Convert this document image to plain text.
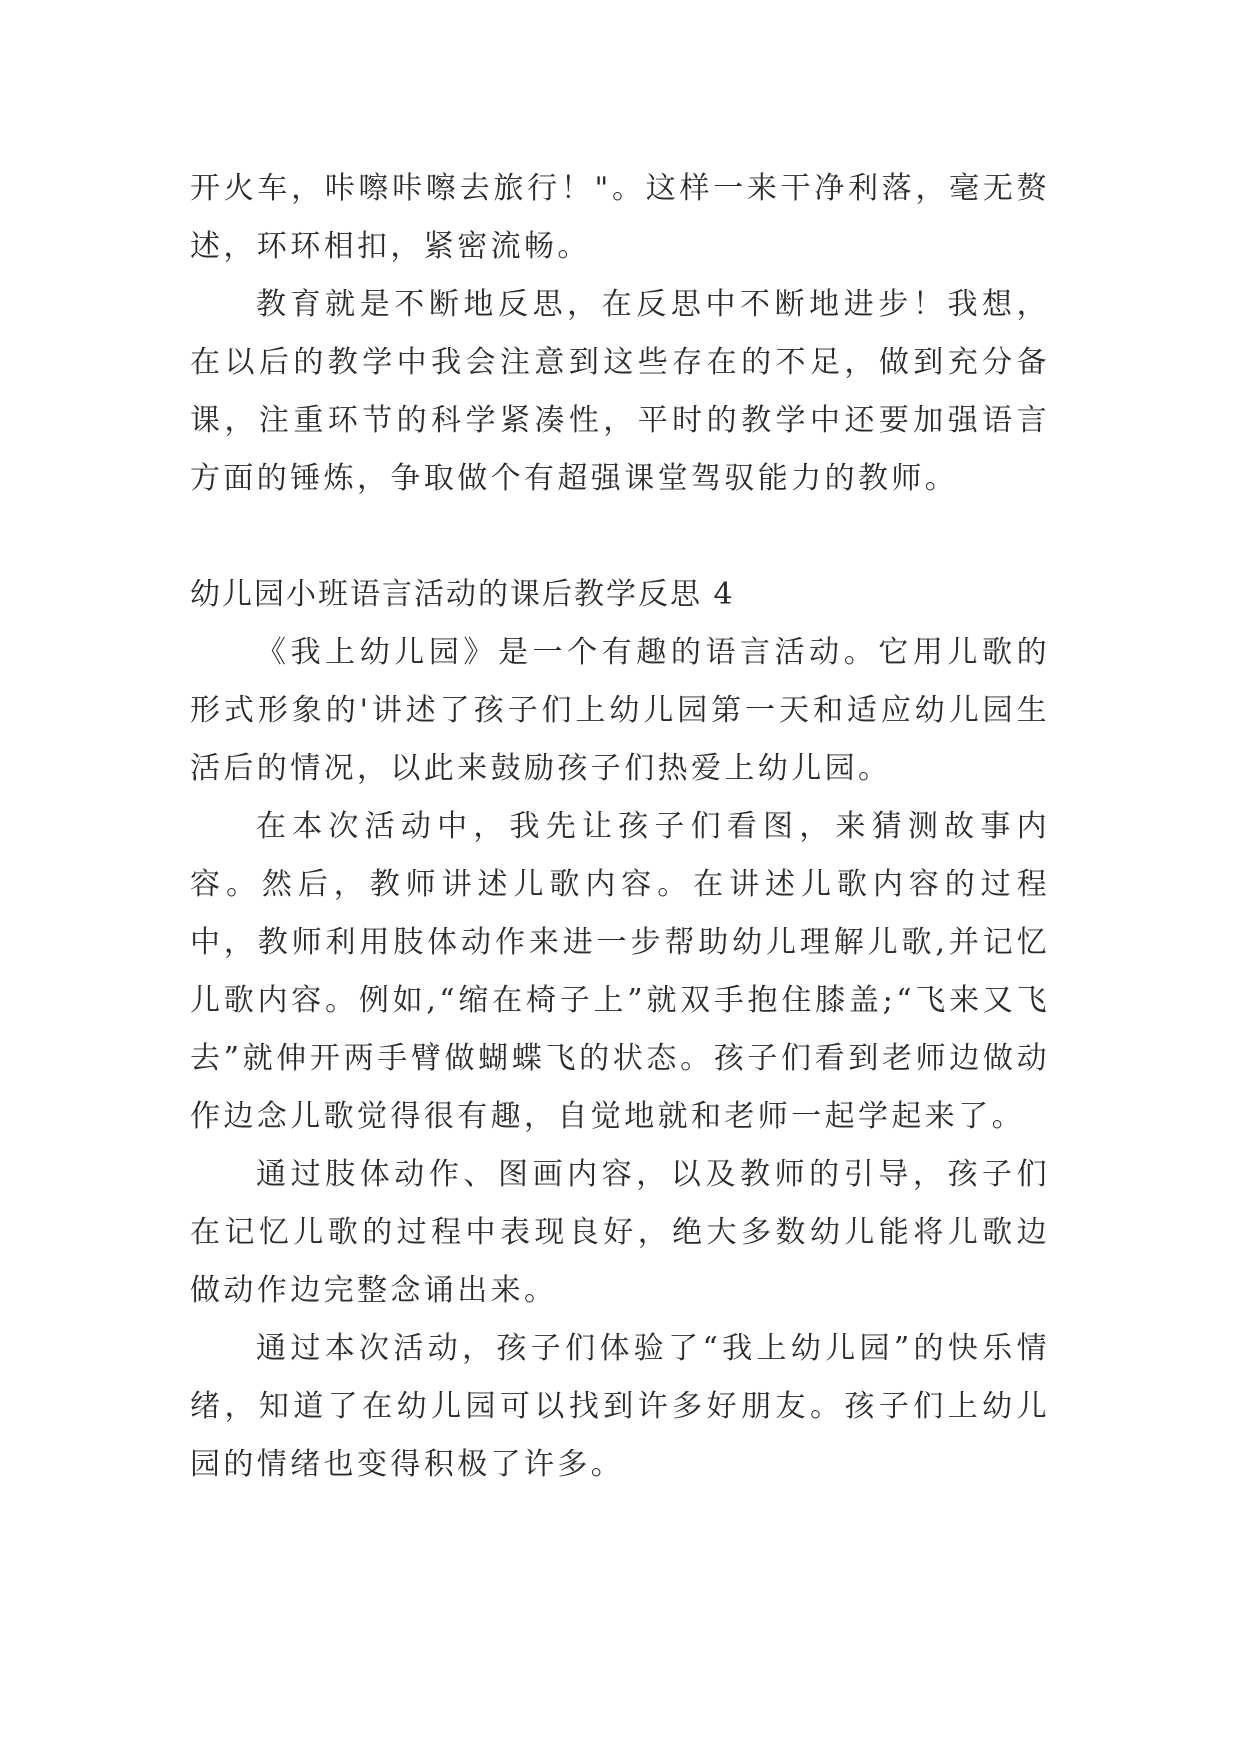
开火车，咔嚓咔嚓去旅行！"。这样一来干净利落，毫无赘述，环环相扣，紧密流畅。

教育就是不断地反思，在反思中不断地进步！我想，在以后的教学中我会注意到这些存在的不足，做到充分备课，注重环节的科学紧凑性，平时的教学中还要加强语言方面的锤炼，争取做个有超强课堂驾驭能力的教师。

幼儿园小班语言活动的课后教学反思 4

《我上幼儿园》是一个有趣的语言活动。它用儿歌的形式形象的'讲述了孩子们上幼儿园第一天和适应幼儿园生活后的情况，以此来鼓励孩子们热爱上幼儿园。

在本次活动中，我先让孩子们看图，来猜测故事内容。然后，教师讲述儿歌内容。在讲述儿歌内容的过程中，教师利用肢体动作来进一步帮助幼儿理解儿歌,并记忆儿歌内容。例如,“缩在椅子上”就双手抱住膝盖;“飞来又飞去”就伸开两手臂做蝴蝶飞的状态。孩子们看到老师边做动作边念儿歌觉得很有趣，自觉地就和老师一起学起来了。

通过肢体动作、图画内容，以及教师的引导，孩子们在记忆儿歌的过程中表现良好，绝大多数幼儿能将儿歌边做动作边完整念诵出来。

通过本次活动，孩子们体验了“我上幼儿园”的快乐情绪，知道了在幼儿园可以找到许多好朋友。孩子们上幼儿园的情绪也变得积极了许多。
